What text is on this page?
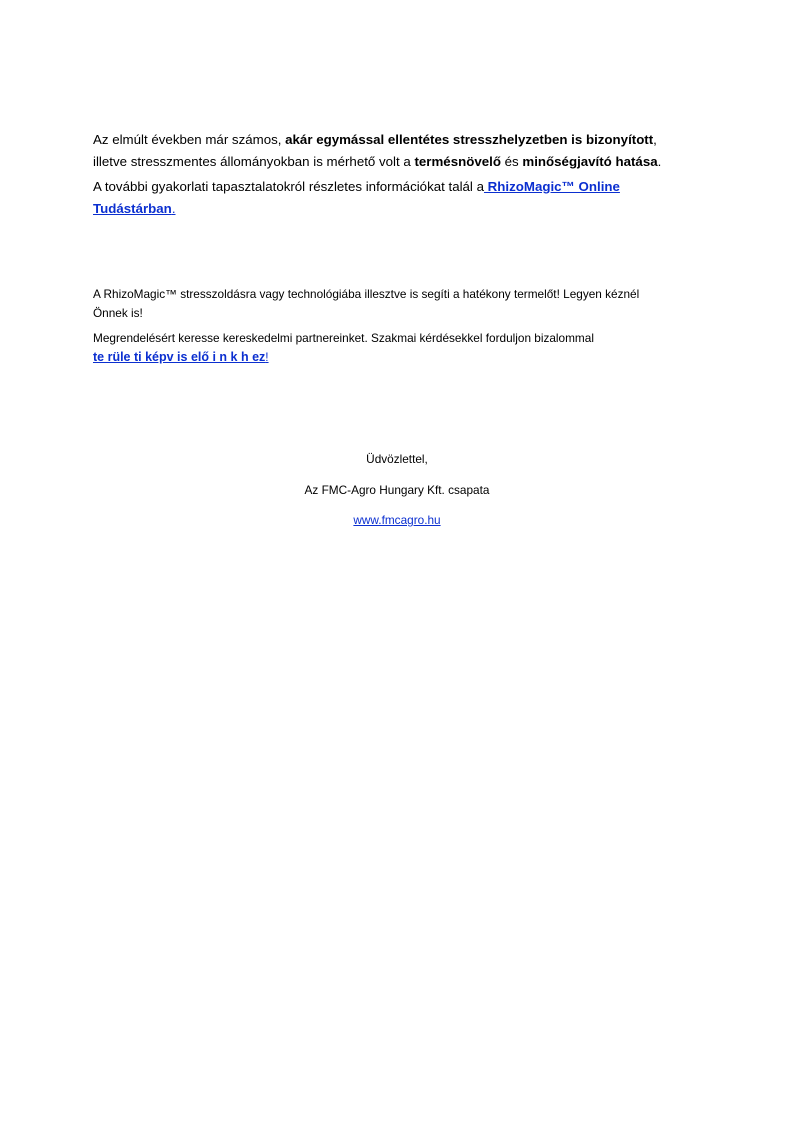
Az elmúlt években már számos, akár egymással ellentétes stresszhelyzetben is bizonyított, illetve stresszmentes állományokban is mérhető volt a termésnövelő és minőségjavító hatása.

A további gyakorlati tapasztalatokról részletes információkat talál a RhizoMagic™ Online Tudástárban.

A RhizoMagic™ stresszoldásra vagy technológiába illesztve is segíti a hatékony termelőt! Legyen kéznél Önnek is!

Megrendelésért keresse kereskedelmi partnereinket. Szakmai kérdésekkel forduljon bizalommal
te rüle ti képv is elő i n k h ez!

Üdvözlettel,
Az FMC-Agro Hungary Kft. csapata
www.fmcagro.hu
